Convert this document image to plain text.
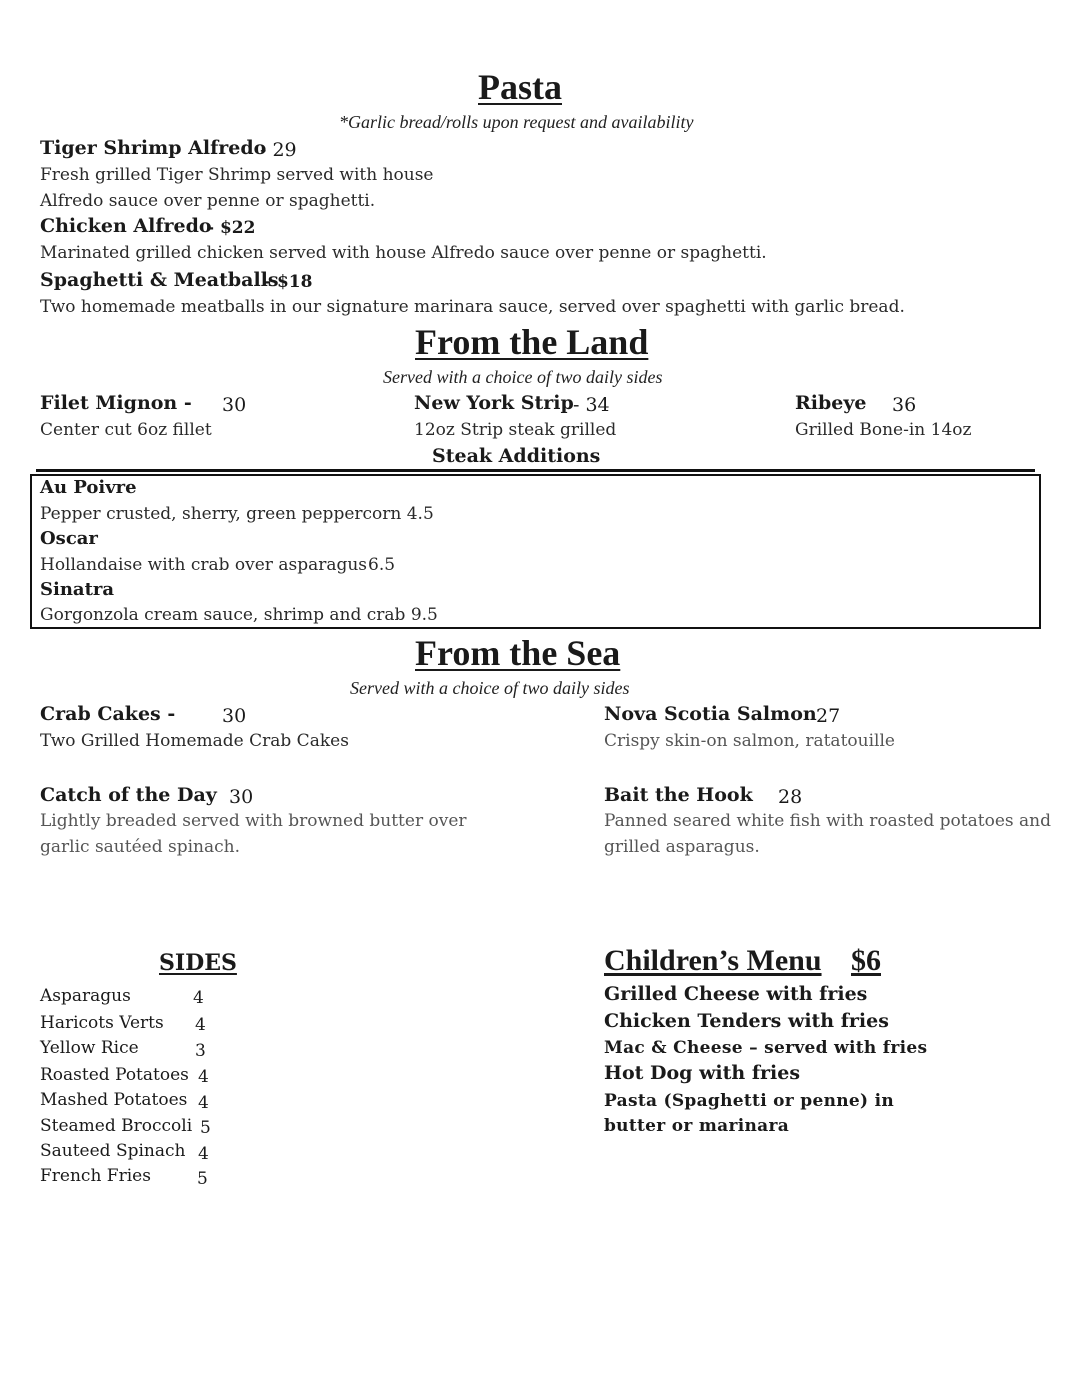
Pasta
*Garlic bread/rolls upon request and availability
Tiger Shrimp Alfredo
- 29
Fresh grilled Tiger Shrimp served with house
Alfredo sauce over penne or spaghetti.
Chicken Alfredo
- $22
Marinated grilled chicken served with house Alfredo sauce over penne or spaghetti.
Spaghetti & Meatballs
- $18
Two homemade meatballs in our signature marinara sauce, served over spaghetti with garlic bread.
From the Land
Served with a choice of two daily sides
Filet Mignon - 30
Center cut 6oz fillet
New York Strip - 34
12oz Strip steak grilled
Ribeye 36
Grilled Bone-in 14oz
Steak Additions
Au Poivre
Pepper crusted, sherry, green peppercorn 4.5
Oscar
Hollandaise with crab over asparagus 6.5
Sinatra
Gorgonzola cream sauce, shrimp and crab 9.5
From the Sea
Served with a choice of two daily sides
Crab Cakes - 30
Two Grilled Homemade Crab Cakes
Nova Scotia Salmon 27
Crispy skin-on salmon, ratatouille
Catch of the Day 30
Lightly breaded served with browned butter over
garlic sautéed spinach.
Bait the Hook 28
Panned seared white fish with roasted potatoes and
grilled asparagus.
SIDES
Asparagus	4
Haricots Verts 4
Yellow Rice	3
Roasted Potatoes 4
Mashed Potatoes 4
Steamed Broccoli 5
Sauteed Spinach 4
French Fries	5
Children’s Menu $6
Grilled Cheese with fries
Chicken Tenders with fries
Mac & Cheese – served with fries
Hot Dog with fries
Pasta (Spaghetti or penne) in
butter or marinara
